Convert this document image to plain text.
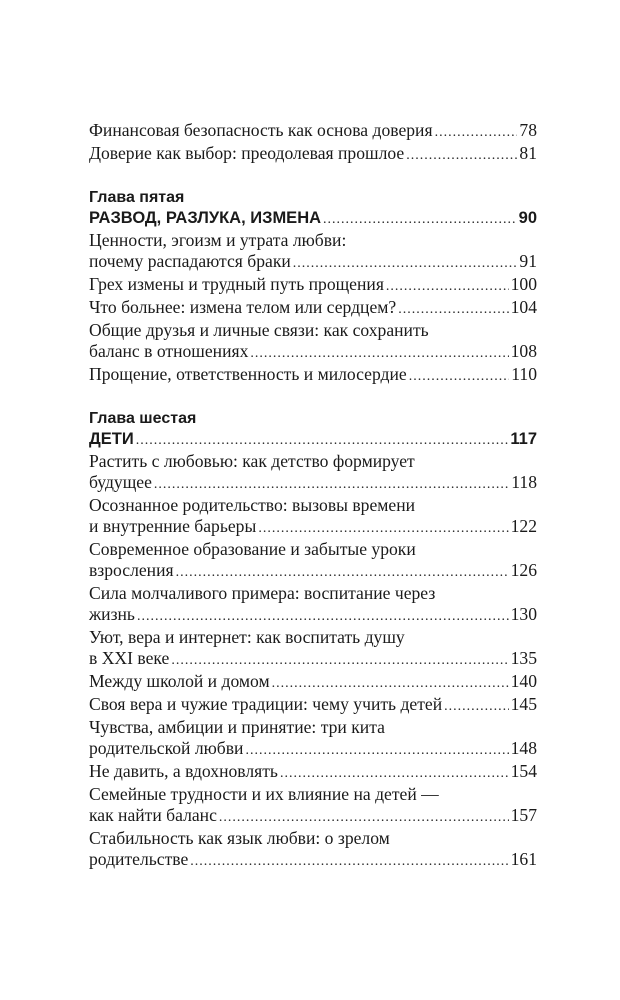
Финансовая безопасность как основа доверия .....	78
Доверие как выбор: преодолевая прошлое .....	81
Глава пятая
РАЗВОД, РАЗЛУКА, ИЗМЕНА .....	90
Ценности, эгоизм и утрата любви:
почему распадаются браки .....	91
Грех измены и трудный путь прощения .....	100
Что больнее: измена телом или сердцем? .....	104
Общие друзья и личные связи: как сохранить
баланс в отношениях .....	108
Прощение, ответственность и милосердие .....	110
Глава шестая
ДЕТИ .....	117
Растить с любовью: как детство формирует
будущее .....	118
Осознанное родительство: вызовы времени
и внутренние барьеры .....	122
Современное образование и забытые уроки
взросления .....	126
Сила молчаливого примера: воспитание через
жизнь .....	130
Уют, вера и интернет: как воспитать душу
в XXI веке .....	135
Между школой и домом .....	140
Своя вера и чужие традиции: чему учить детей .....	145
Чувства, амбиции и принятие: три кита
родительской любви .....	148
Не давить, а вдохновлять .....	154
Семейные трудности и их влияние на детей —
как найти баланс .....	157
Стабильность как язык любви: о зрелом
родительстве .....	161
